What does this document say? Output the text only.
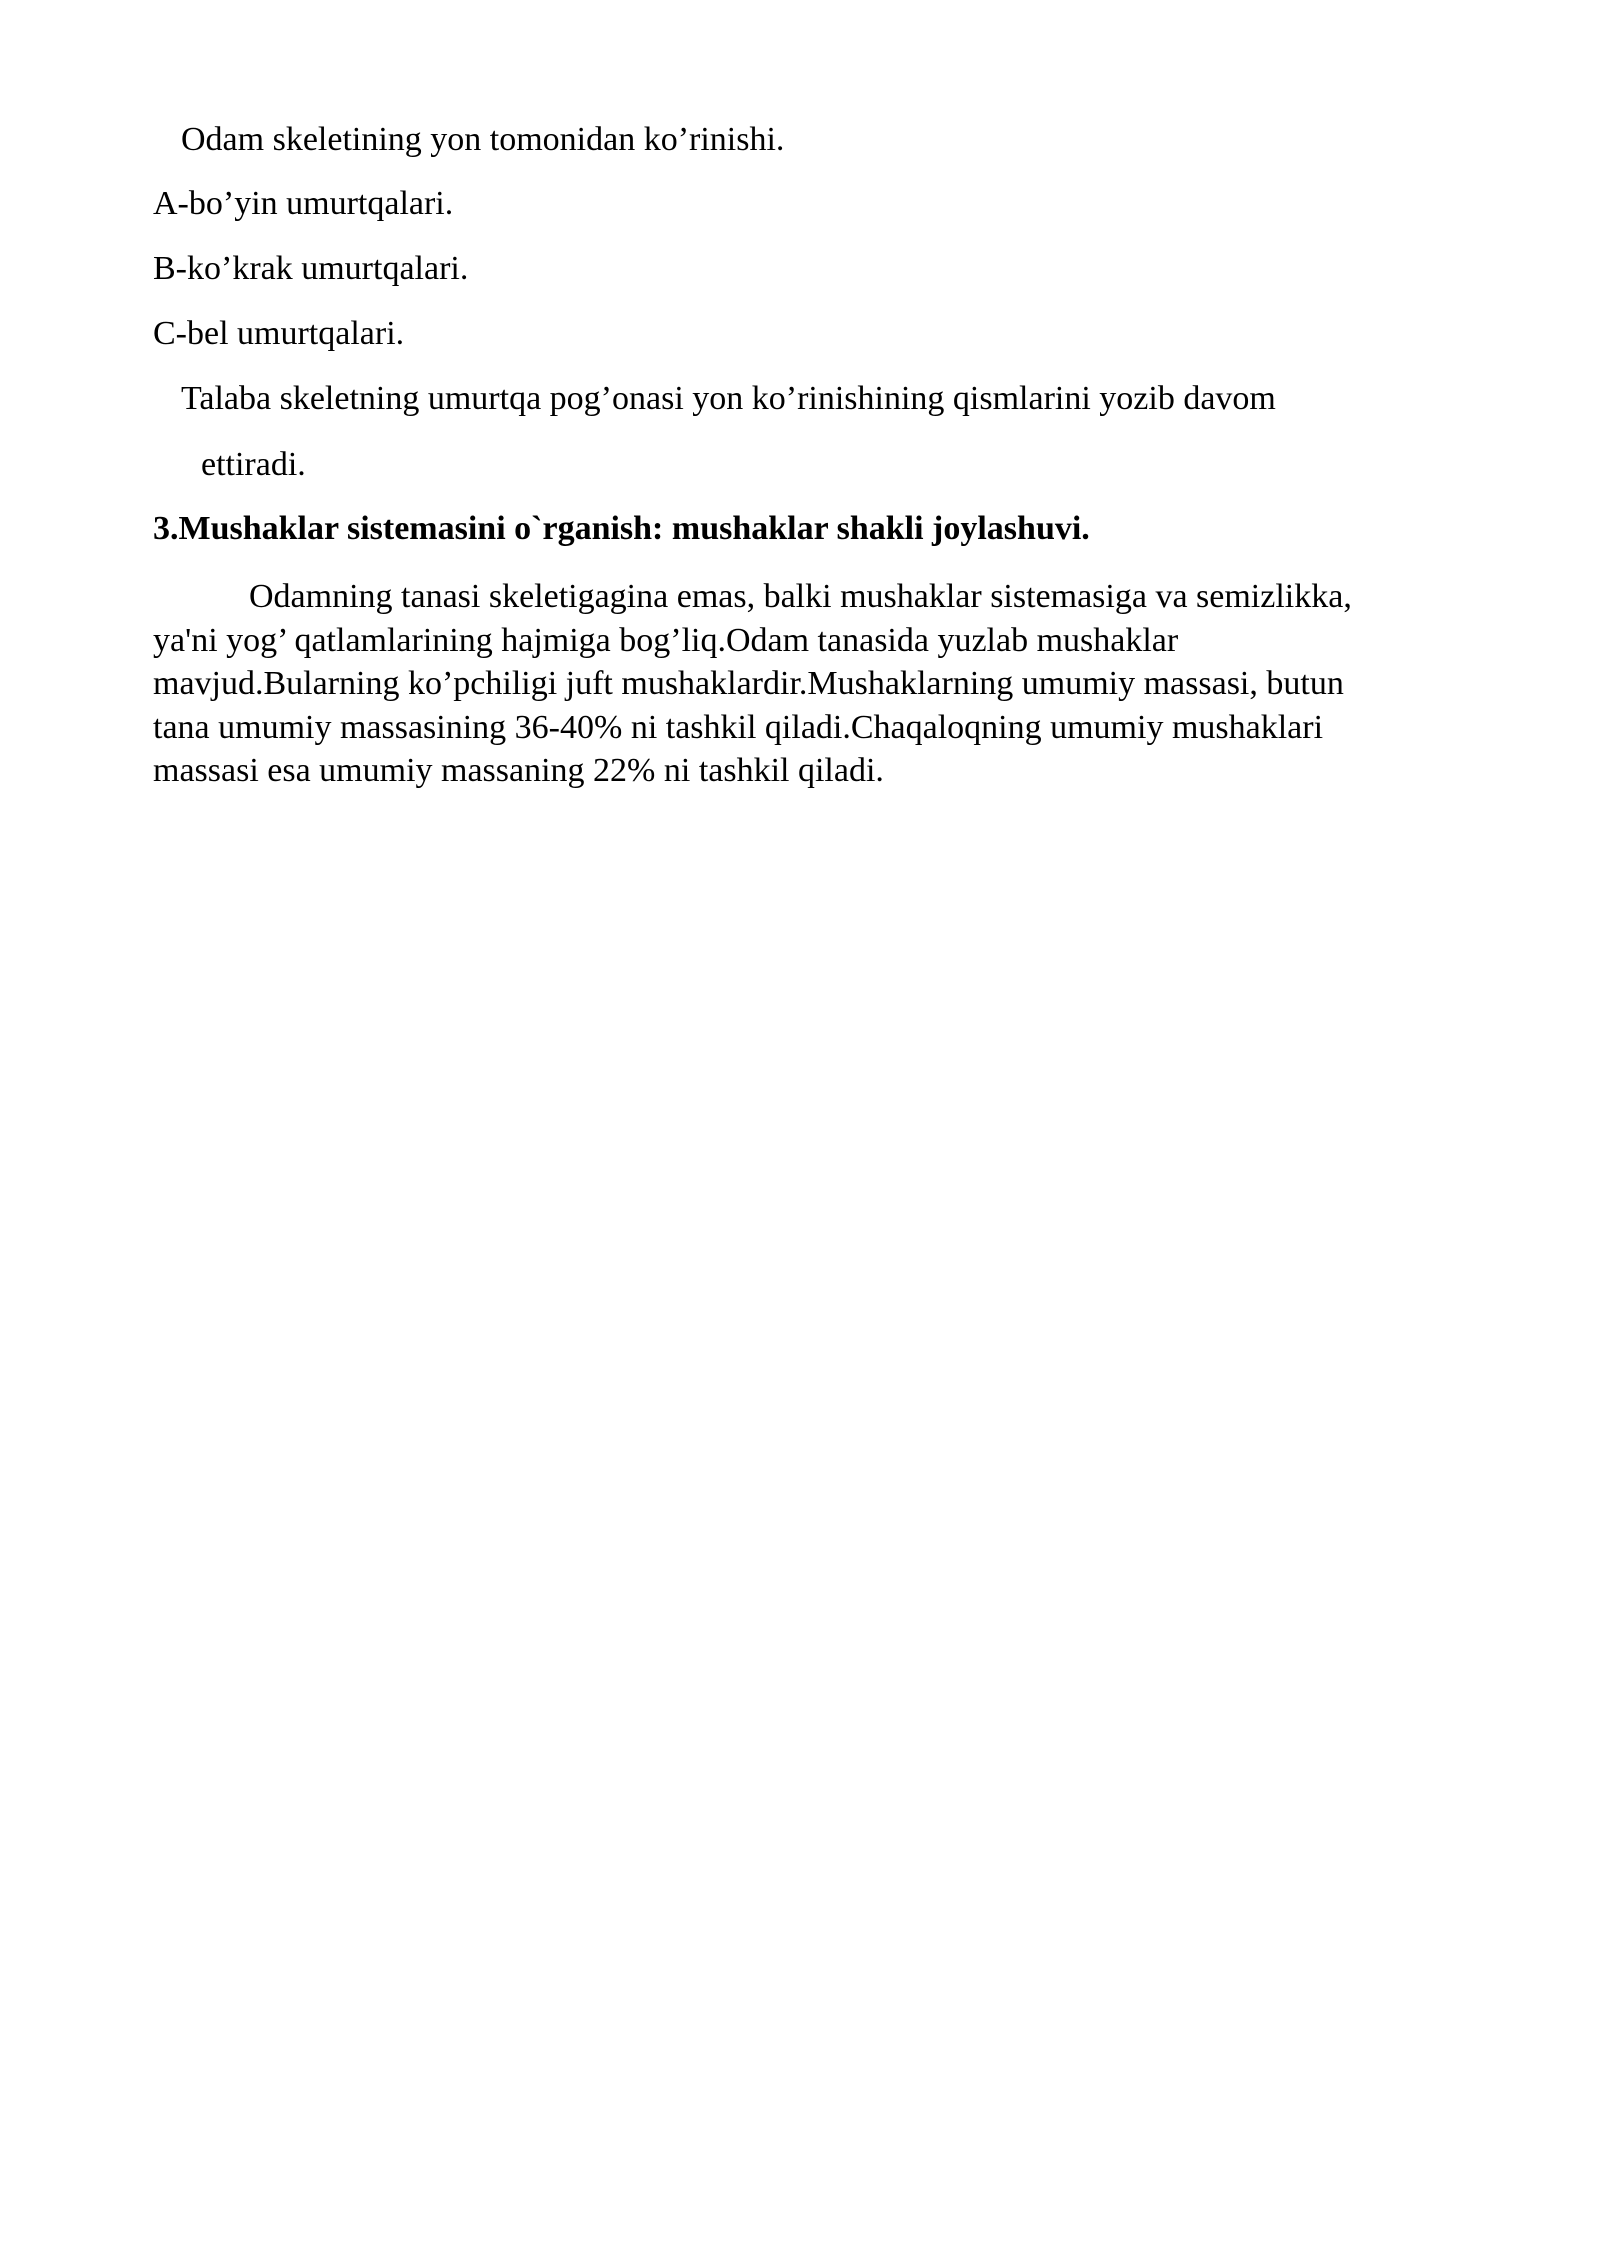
Odam skeletining yon tomonidan ko’rinishi.

A-bo’yin umurtqalari.

B-ko’krak umurtqalari.

C-bel umurtqalari.

Talaba skeletning umurtqa pog’onasi yon ko’rinishining qismlarini yozib davom

ettiradi.

3.Mushaklar sistemasini o`rganish: mushaklar shakli joylashuvi.
Odamning tanasi skeletigagina emas, balki mushaklar sistemasiga va semizlikka,
ya'ni yog’ qatlamlarining hajmiga bog’liq.Odam tanasida yuzlab mushaklar
mavjud.Bularning ko’pchiligi juft mushaklardir.Mushaklarning umumiy massasi, butun
tana umumiy massasining 36-40% ni tashkil qiladi.Chaqaloqning umumiy mushaklari
massasi esa umumiy massaning 22% ni tashkil qiladi.
